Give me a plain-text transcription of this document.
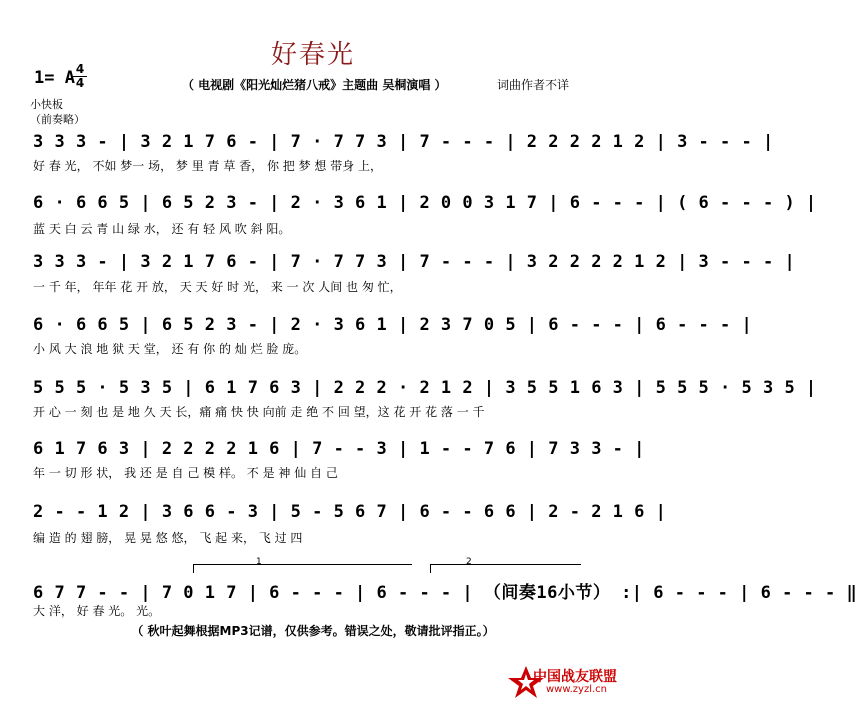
好春光
1= A 4
4	（ 电视剧《阳光灿烂猪八戒》主题曲 吴桐演唱 ）	词曲作者不详
小快板
（前奏略）
3 3 3 - | 3 2 1 7 6 - | 7 · 7 7 3 | 7 - - - | 2 2 2 2 1 2 | 3 - - - |
好 春 光， 不如 梦一 场， 梦 里 青 草 香， 你 把 梦 想 带身 上，
6 · 6 6 5 | 6 5 2 3 - | 2 · 3 6 1 | 2 0 0 3 1 7 | 6 - - - | ( 6 - - - ) |
蓝 天 白 云 青 山 绿 水， 还 有 轻 风 吹 斜 阳。
3 3 3 - | 3 2 1 7 6 - | 7 · 7 7 3 | 7 - - - | 3 2 2 2 2 1 2 | 3 - - - |
一 千 年， 年年 花 开 放， 天 天 好 时 光， 来 一 次 人间 也 匆 忙，
6 · 6 6 5 | 6 5 2 3 - | 2 · 3 6 1 | 2 3 7 0 5 | 6 - - - | 6 - - - |
小 风 大 浪 地 狱 天 堂， 还 有 你 的 灿 烂 脸 庞。
5 5 5 · 5 3 5 | 6 1 7 6 3 | 2 2 2 · 2 1 2 | 3 5 5 1 6 3 | 5 5 5 · 5 3 5 |
开 心 一 刻 也 是 地 久 天 长，痛 痛 快 快 向前 走 绝 不 回 望，这 花 开 花 落 一 千
6 1 7 6 3 | 2 2 2 2 1 6 | 7 - - 3 | 1 - - 7 6 | 7 3 3 - |
年 一 切 形 状， 我 还 是 自 己 模 样。 不 是 神 仙 自 己
2 - - 1 2 | 3 6 6 - 3 | 5 - 5 6 7 | 6 - - 6 6 | 2 - 2 1 6 |
编 造 的 翅 膀， 晃 晃 悠 悠， 飞 起 来， 飞 过 四
1	2
6 7 7 - - | 7 0 1 7 | 6 - - - | 6 - - - | （间奏16小节） :| 6 - - - | 6 - - - ‖
大 洋， 好 春 光。 光。
（ 秋叶起舞根据MP3记谱，仅供参考。错误之处，敬请批评指正。）
中国战友联盟
www.zyzl.cn
